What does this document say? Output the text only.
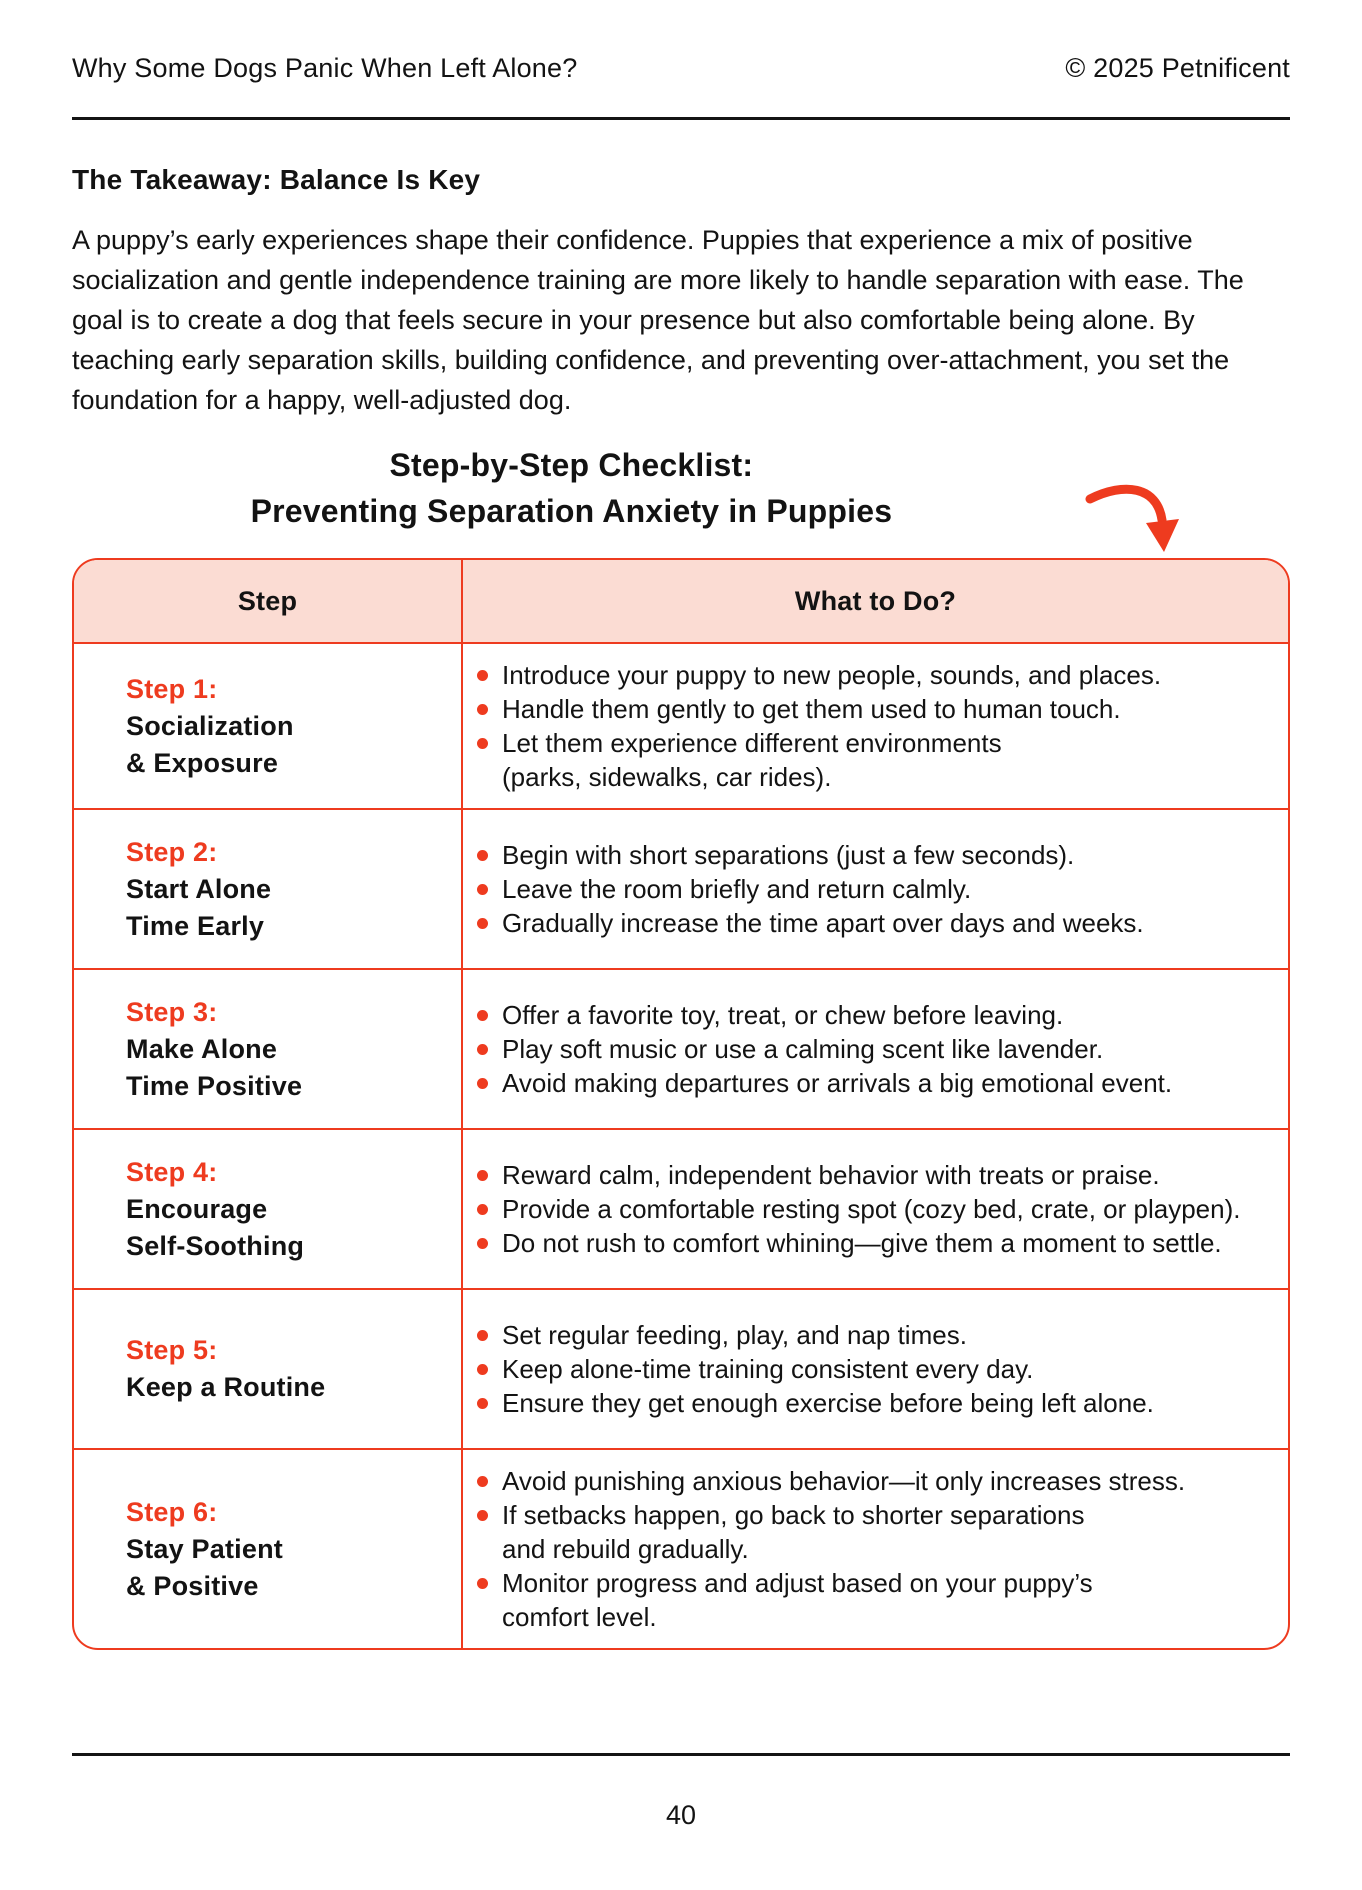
Why Some Dogs Panic When Left Alone?	© 2025 Petnificent
The Takeaway: Balance Is Key

A puppy’s early experiences shape their confidence. Puppies that experience a mix of positive socialization and gentle independence training are more likely to handle separation with ease. The goal is to create a dog that feels secure in your presence but also comfortable being alone. By teaching early separation skills, building confidence, and preventing over-attachment, you set the foundation for a happy, well-adjusted dog.

Step-by-Step Checklist:
Preventing Separation Anxiety in Puppies
Step	What to Do?
Step 1:
Socialization
& Exposure
Introduce your puppy to new people, sounds, and places.
Handle them gently to get them used to human touch.
Let them experience different environments
(parks, sidewalks, car rides).
Step 2:
Start Alone
Time Early
Begin with short separations (just a few seconds).
Leave the room briefly and return calmly.
Gradually increase the time apart over days and weeks.
Step 3:
Make Alone
Time Positive
Offer a favorite toy, treat, or chew before leaving.
Play soft music or use a calming scent like lavender.
Avoid making departures or arrivals a big emotional event.
Step 4:
Encourage
Self-Soothing
Reward calm, independent behavior with treats or praise.
Provide a comfortable resting spot (cozy bed, crate, or playpen).
Do not rush to comfort whining—give them a moment to settle.
Step 5:
Keep a Routine
Set regular feeding, play, and nap times.
Keep alone-time training consistent every day.
Ensure they get enough exercise before being left alone.
Step 6:
Stay Patient
& Positive
Avoid punishing anxious behavior—it only increases stress.
If setbacks happen, go back to shorter separations
and rebuild gradually.
Monitor progress and adjust based on your puppy’s
comfort level.
40
